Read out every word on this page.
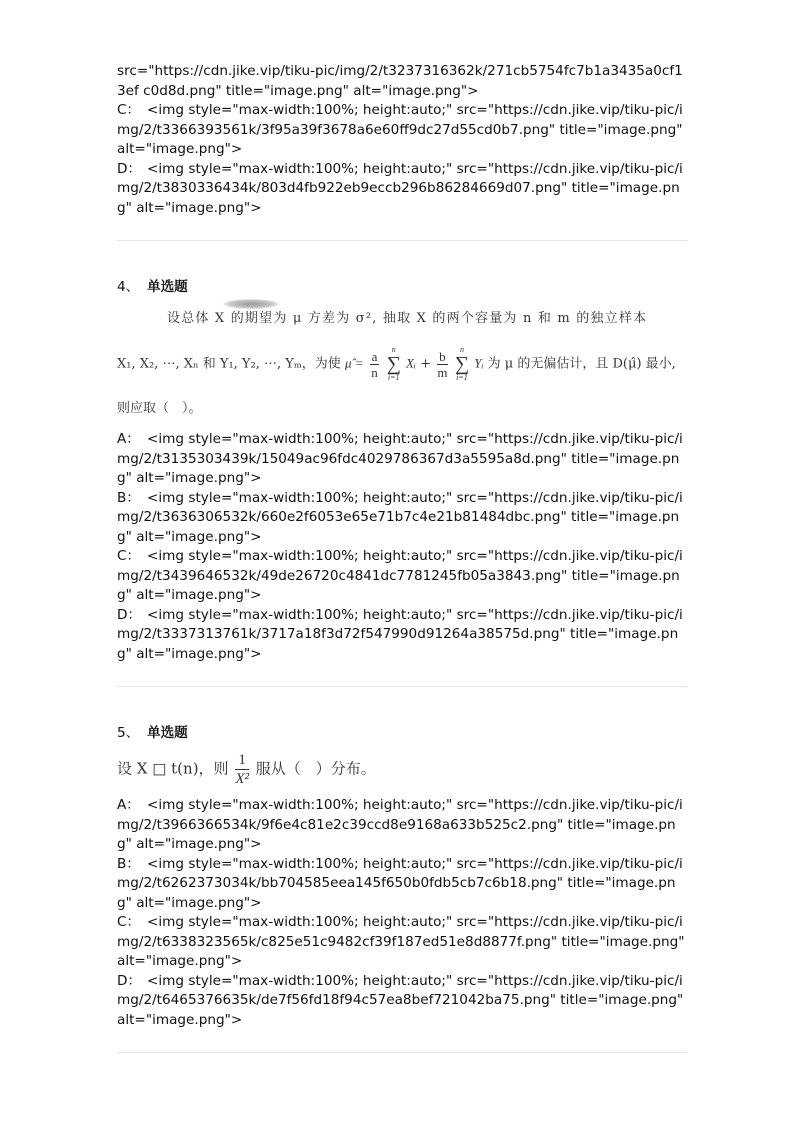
src="https://cdn.jike.vip/tiku-pic/img/2/t3237316362k/271cb5754fc7b1a3435a0cf13ef c0d8d.png" title="image.png" alt="image.png">

C： <img style="max-width:100%; height:auto;" src="https://cdn.jike.vip/tiku-pic/img/2/t3366393561k/3f95a39f3678a6e60ff9dc27d55cd0b7.png" title="image.png" alt="image.png">

D： <img style="max-width:100%; height:auto;" src="https://cdn.jike.vip/tiku-pic/img/2/t3830336434k/803d4fb922eb9eccb296b86284669d07.png" title="image.png" alt="image.png">

4、 单选题

设总体 X 的期望为 μ 方差为 σ², 抽取 X 的两个容量为 n 和 m 的独立样本
X₁, X₂, ⋯, Xₙ 和 Y₁, Y₂, ⋯, Yₘ，为使 μ̂ = $\frac{a}{n}$
	n
∑
i=1
Xᵢ + $\frac{b}{m}$
	n
∑
i=1
Yᵢ 为 μ 的无偏估计，且 D(μ̂) 最小,
则应取（　）。

A： <img style="max-width:100%; height:auto;" src="https://cdn.jike.vip/tiku-pic/img/2/t3135303439k/15049ac96fdc4029786367d3a5595a8d.png" title="image.png" alt="image.png">

B： <img style="max-width:100%; height:auto;" src="https://cdn.jike.vip/tiku-pic/img/2/t3636306532k/660e2f6053e65e71b7c4e21b81484dbc.png" title="image.png" alt="image.png">

C： <img style="max-width:100%; height:auto;" src="https://cdn.jike.vip/tiku-pic/img/2/t3439646532k/49de26720c4841dc7781245fb05a3843.png" title="image.png" alt="image.png">

D： <img style="max-width:100%; height:auto;" src="https://cdn.jike.vip/tiku-pic/img/2/t3337313761k/3717a18f3d72f547990d91264a38575d.png" title="image.png" alt="image.png">

5、 单选题

设 X □ t(n)，则 $\frac{1}{\text{X²}}$ 服从（　）分布。

A： <img style="max-width:100%; height:auto;" src="https://cdn.jike.vip/tiku-pic/img/2/t3966366534k/9f6e4c81e2c39ccd8e9168a633b525c2.png" title="image.png" alt="image.png">

B： <img style="max-width:100%; height:auto;" src="https://cdn.jike.vip/tiku-pic/img/2/t6262373034k/bb704585eea145f650b0fdb5cb7c6b18.png" title="image.png" alt="image.png">

C： <img style="max-width:100%; height:auto;" src="https://cdn.jike.vip/tiku-pic/img/2/t6338323565k/c825e51c9482cf39f187ed51e8d8877f.png" title="image.png" alt="image.png">

D： <img style="max-width:100%; height:auto;" src="https://cdn.jike.vip/tiku-pic/img/2/t6465376635k/de7f56fd18f94c57ea8bef721042ba75.png" title="image.png" alt="image.png">
